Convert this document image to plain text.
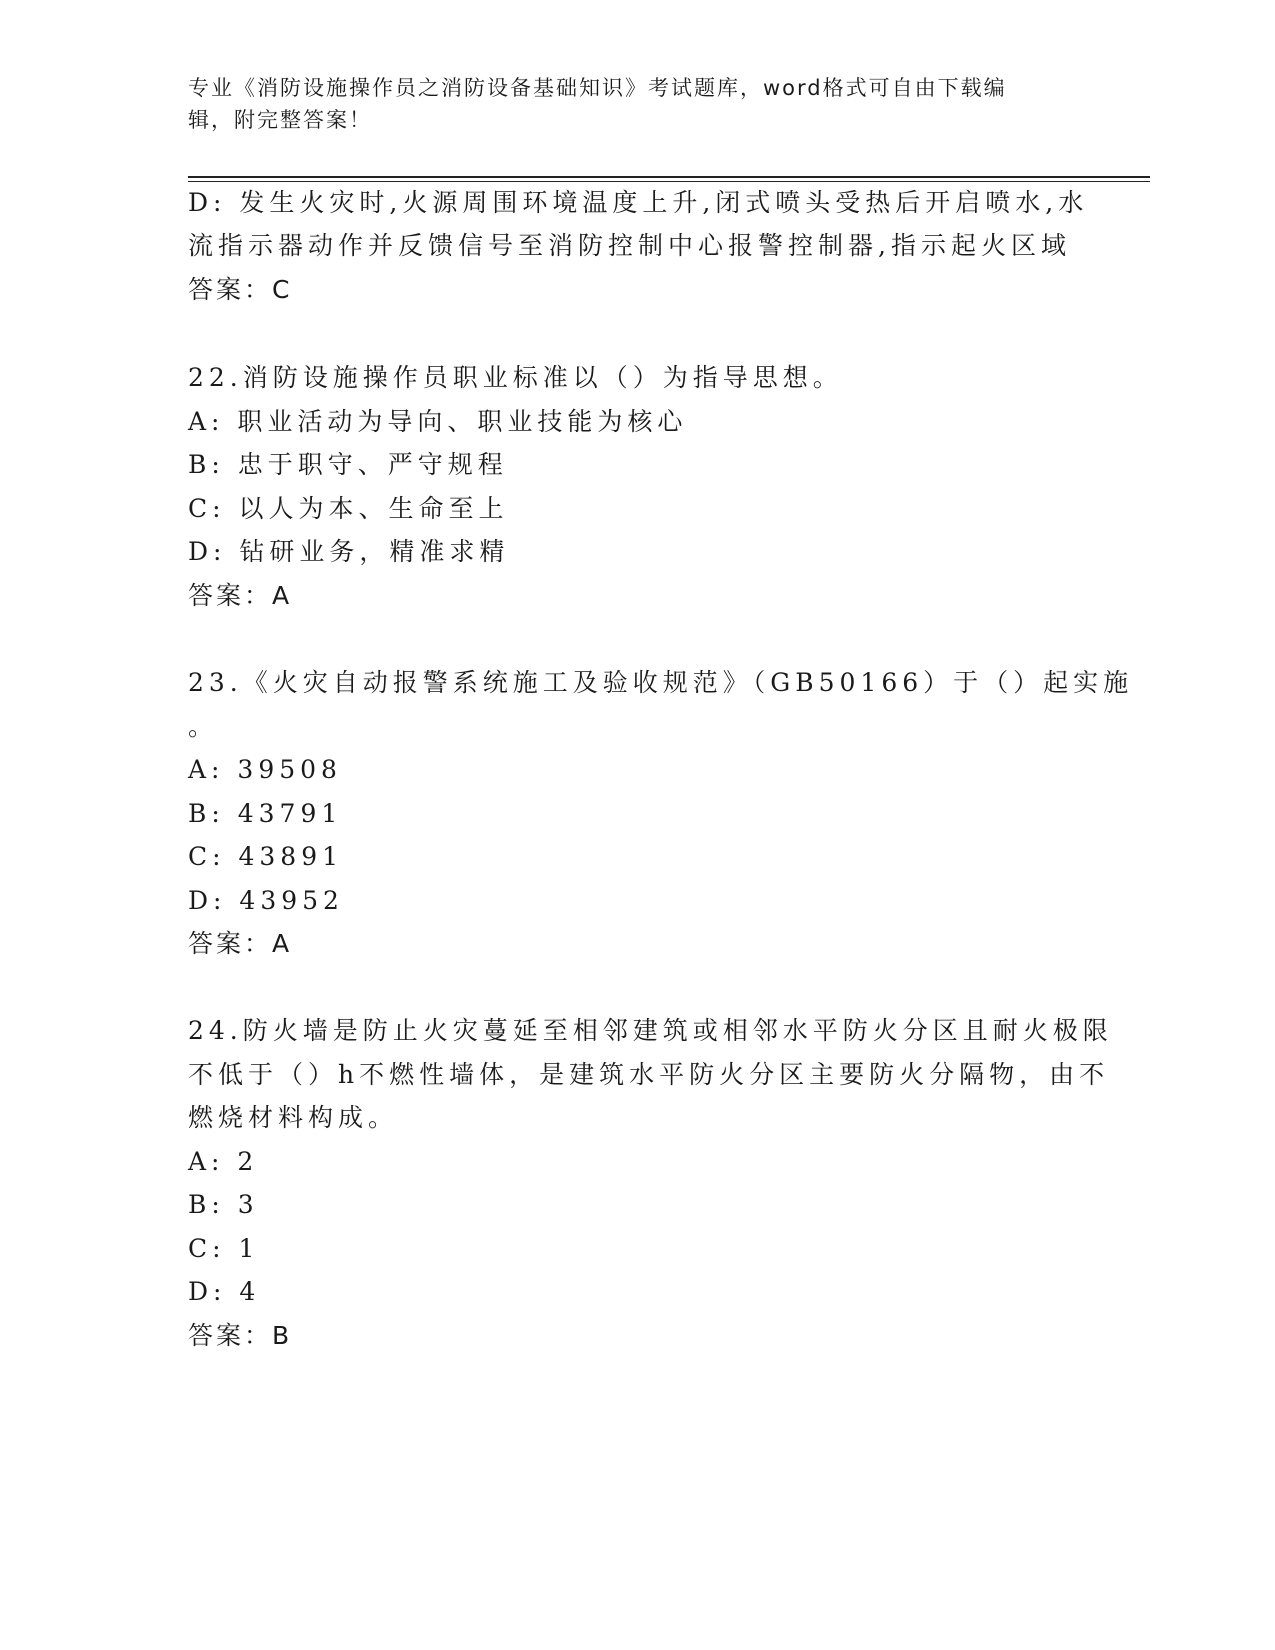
专业《消防设施操作员之消防设备基础知识》考试题库，word格式可自由下载编
辑，附完整答案！
D: 发生火灾时,火源周围环境温度上升,闭式喷头受热后开启喷水,水
流指示器动作并反馈信号至消防控制中心报警控制器,指示起火区域
答案：C
22.消防设施操作员职业标准以（）为指导思想。
A: 职业活动为导向、职业技能为核心
B: 忠于职守、严守规程
C: 以人为本、生命至上
D: 钻研业务，精准求精
答案：A
23.《火灾自动报警系统施工及验收规范》（GB50166）于（）起实施
。
A: 39508
B: 43791
C: 43891
D: 43952
答案：A
24.防火墙是防止火灾蔓延至相邻建筑或相邻水平防火分区且耐火极限
不低于（）h不燃性墙体，是建筑水平防火分区主要防火分隔物，由不
燃烧材料构成。
A: 2
B: 3
C: 1
D: 4
答案：B
